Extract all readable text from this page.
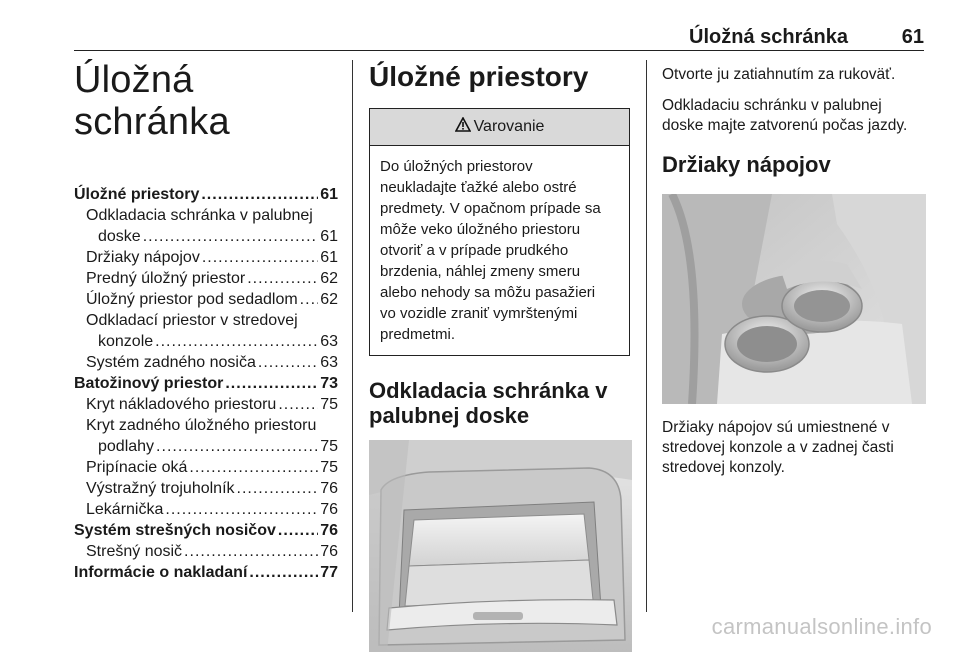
Úložná schránka	61
Úložná schránka
Úložné priestory .....	61
Odkladacia schránka v palubnej
doske .....	61
Držiaky nápojov .....	61
Predný úložný priestor .....	62
Úložný priestor pod sedadlom ..... 62
Odkladací priestor v stredovej
konzole .....	63
Systém zadného nosiča .....	63
Batožinový priestor .....	73
Kryt nákladového priestoru .....	75
Kryt zadného úložného priestoru
podlahy .....	75
Pripínacie oká .....	75
Výstražný trojuholník .....	76
Lekárnička .....	76
Systém strešných nosičov .....	76
Strešný nosič .....	76
Informácie o nakladaní .....	77
Úložné priestory
Varovanie
Do úložných priestorov
neukladajte ťažké alebo ostré
predmety. V opačnom prípade sa
môže veko úložného priestoru
otvoriť a v prípade prudkého
brzdenia, náhlej zmeny smeru
alebo nehody sa môžu pasažieri
vo vozidle zraniť vymrštenými
predmetmi.
Odkladacia schránka v
palubnej doske

Otvorte ju zatiahnutím za rukoväť.

Odkladaciu schránku v palubnej
doske majte zatvorenú počas jazdy.

Držiaky nápojov

Držiaky nápojov sú umiestnené v
stredovej konzole a v zadnej časti
stredovej konzoly.

carmanualsonline.info
